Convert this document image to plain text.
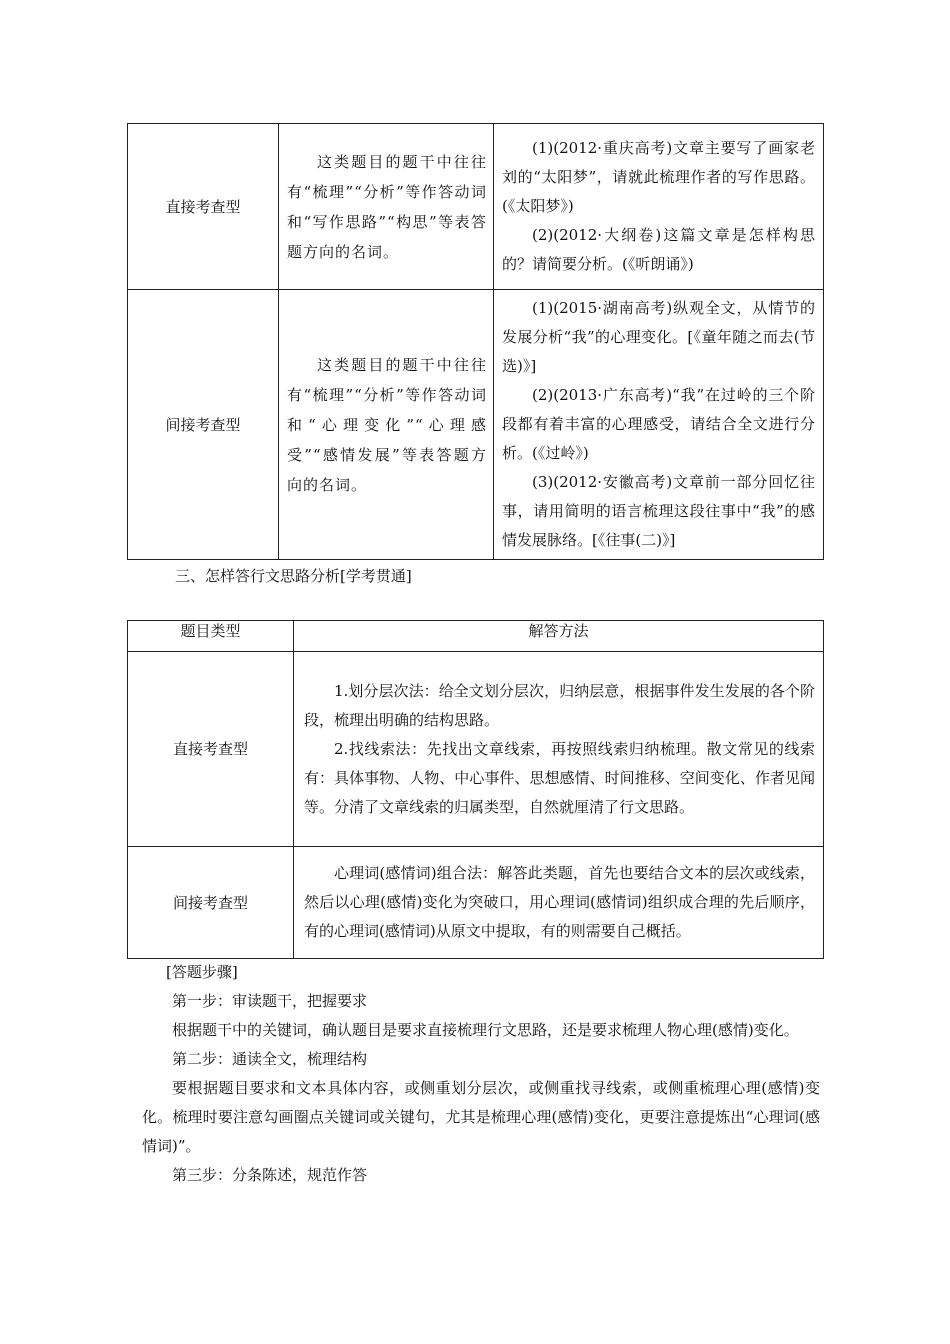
直接考查型	这类题目的题干中往往有“梳理”“分析”等作答动词和“写作思路”“构思”等表答题方向的名词。	(1)(2012·重庆高考)文章主要写了画家老刘的“太阳梦”，请就此梳理作者的写作思路。(《太阳梦》)

(2)(2012·大纲卷)这篇文章是怎样构思的？请简要分析。(《听朗诵》)

间接考查型	这类题目的题干中往往有“梳理”“分析”等作答动词和“心理变化”“心理感受”“感情发展”等表答题方向的名词。	(1)(2015·湖南高考)纵观全文，从情节的发展分析“我”的心理变化。[《童年随之而去(节选)》]

(2)(2013·广东高考)“我”在过岭的三个阶段都有着丰富的心理感受，请结合全文进行分析。(《过岭》)

(3)(2012·安徽高考)文章前一部分回忆往事，请用简明的语言梳理这段往事中“我”的感情发展脉络。[《往事(二)》]

三、怎样答行文思路分析[学考贯通]
题目类型	解答方法
直接考查型	1.划分层次法：给全文划分层次，归纳层意，根据事件发生发展的各个阶段，梳理出明确的结构思路。

2.找线索法：先找出文章线索，再按照线索归纳梳理。散文常见的线索有：具体事物、人物、中心事件、思想感情、时间推移、空间变化、作者见闻等。分清了文章线索的归属类型，自然就厘清了行文思路。

间接考查型	心理词(感情词)组合法：解答此类题，首先也要结合文本的层次或线索，然后以心理(感情)变化为突破口，用心理词(感情词)组织成合理的先后顺序，有的心理词(感情词)从原文中提取，有的则需要自己概括。

[答题步骤]

第一步：审读题干，把握要求

根据题干中的关键词，确认题目是要求直接梳理行文思路，还是要求梳理人物心理(感情)变化。

第二步：通读全文，梳理结构

要根据题目要求和文本具体内容，或侧重划分层次，或侧重找寻线索，或侧重梳理心理(感情)变化。梳理时要注意勾画圈点关键词或关键句，尤其是梳理心理(感情)变化，更要注意提炼出“心理词(感情词)”。

第三步：分条陈述，规范作答
